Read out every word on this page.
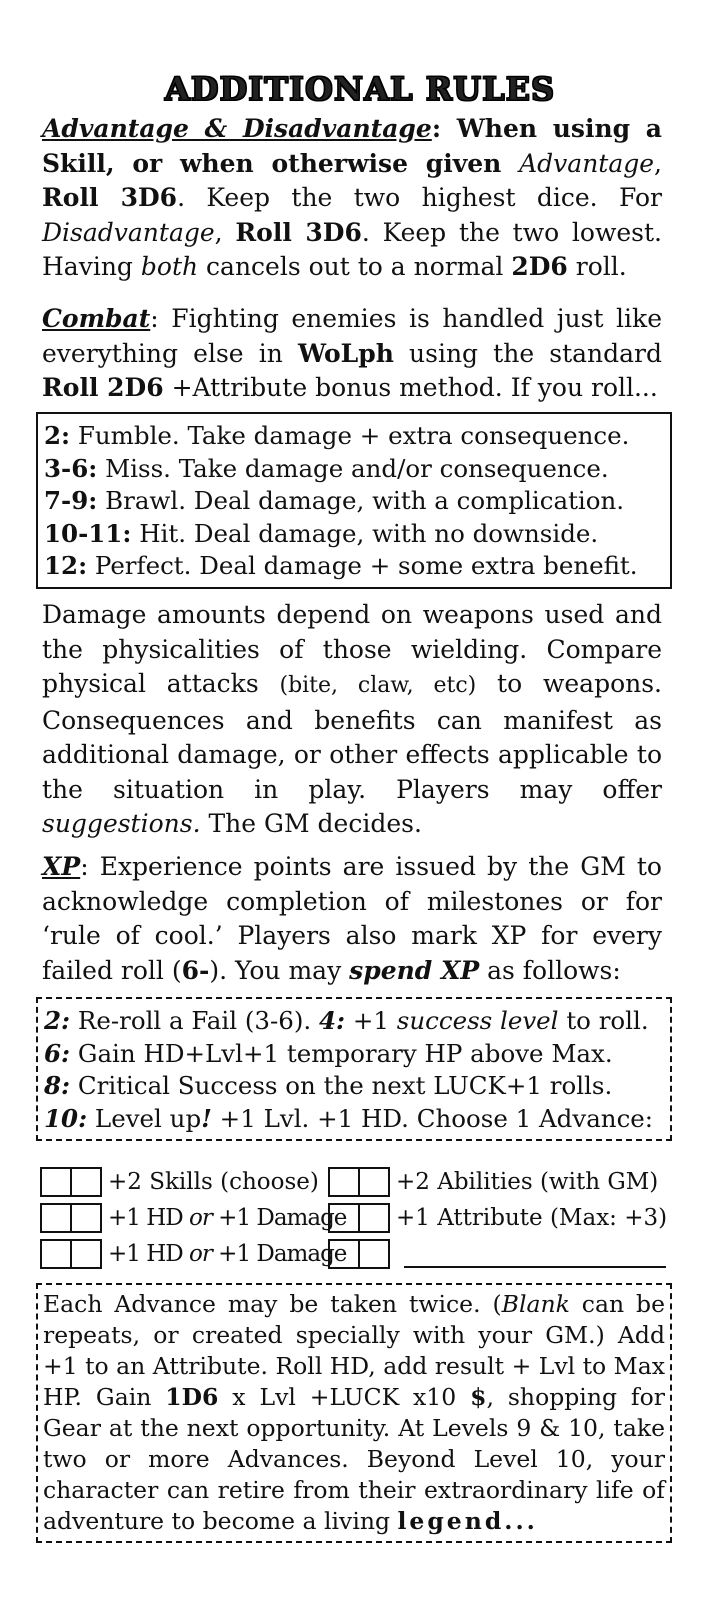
ADDITIONAL RULES

Advantage & Disadvantage: When using a Skill, or when otherwise given Advantage, Roll 3D6. Keep the two highest dice. For Disadvantage, Roll 3D6. Keep the two lowest. Having both cancels out to a normal 2D6 roll.

Combat: Fighting enemies is handled just like everything else in WoLph using the standard Roll 2D6 +Attribute bonus method. If you roll...

2: Fumble. Take damage + extra consequence.
3-6: Miss. Take damage and/or consequence.
7-9: Brawl. Deal damage, with a complication.
10-11: Hit. Deal damage, with no downside.
12: Perfect. Deal damage + some extra benefit.

Damage amounts depend on weapons used and the physicalities of those wielding. Compare physical attacks (bite, claw, etc) to weapons. Consequences and benefits can manifest as additional damage, or other effects applicable to the situation in play. Players may offer suggestions. The GM decides.

XP: Experience points are issued by the GM to acknowledge completion of milestones or for ‘rule of cool.’ Players also mark XP for every failed roll (6-). You may spend XP as follows:

2: Re-roll a Fail (3-6). 4: +1 success level to roll.
6: Gain HD+Lvl+1 temporary HP above Max.
8: Critical Success on the next LUCK+1 rolls.
10: Level up! +1 Lvl. +1 HD. Choose 1 Advance:
+2 Skills (choose)	+2 Abilities (with GM)
+1 HD or +1 Damage +1 Attribute (Max: +3)
+1 HD or +1 Damage
Each Advance may be taken twice. (Blank can be repeats, or created specially with your GM.) Add +1 to an Attribute. Roll HD, add result + Lvl to Max HP. Gain 1D6 x Lvl +LUCK x10 $, shopping for Gear at the next opportunity. At Levels 9 & 10, take two or more Advances. Beyond Level 10, your character can retire from their extraordinary life of adventure to become a living legend...
